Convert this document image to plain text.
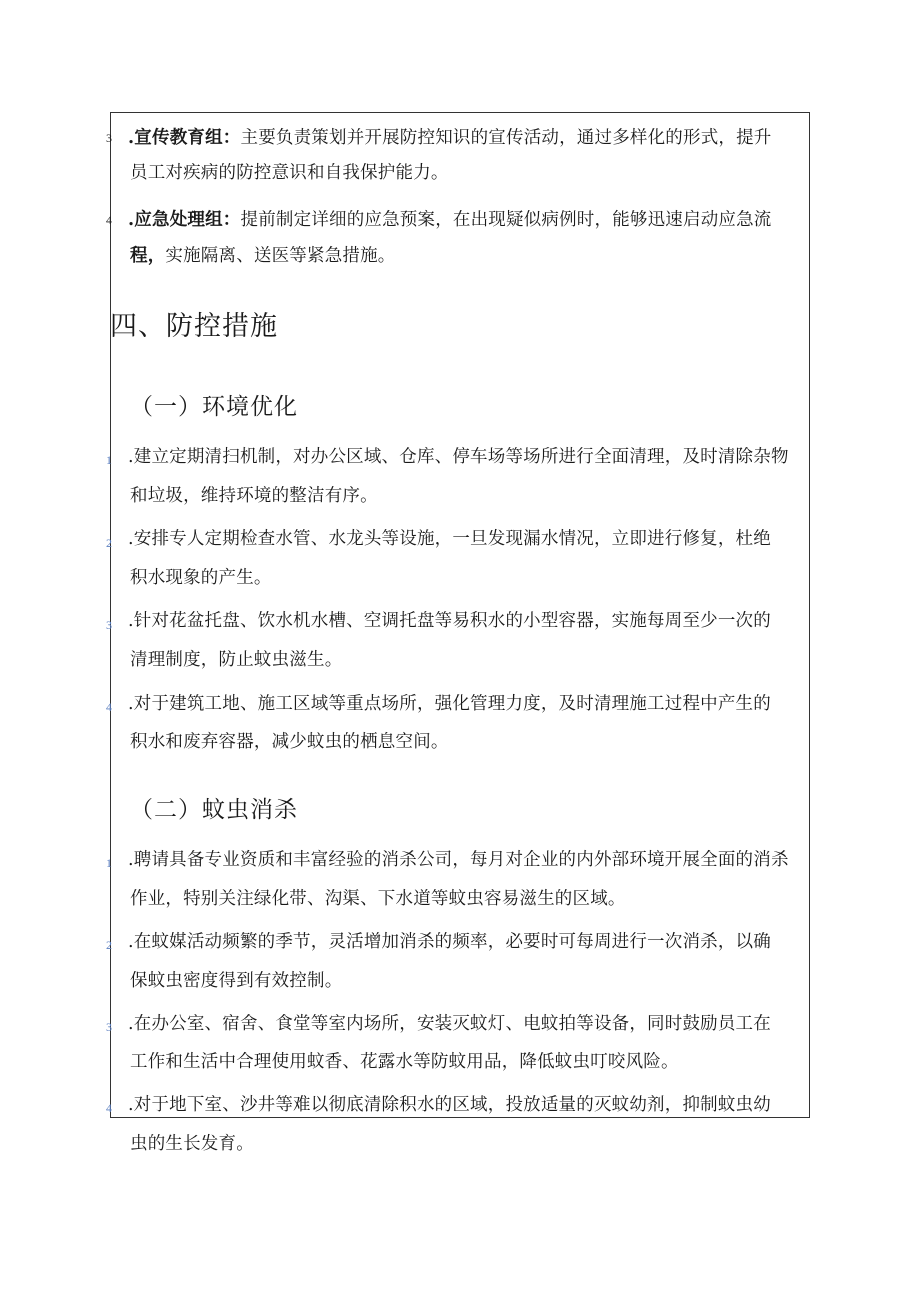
3 .宣传教育组：主要负责策划并开展防控知识的宣传活动，通过多样化的形式，提升
员工对疾病的防控意识和自我保护能力。
4 .应急处理组：提前制定详细的应急预案，在出现疑似病例时，能够迅速启动应急流
程，实施隔离、送医等紧急措施。
四、防控措施
（一）环境优化
1 .建立定期清扫机制，对办公区域、仓库、停车场等场所进行全面清理，及时清除杂物
和垃圾，维持环境的整洁有序。
2 .安排专人定期检查水管、水龙头等设施，一旦发现漏水情况，立即进行修复，杜绝
积水现象的产生。
3 .针对花盆托盘、饮水机水槽、空调托盘等易积水的小型容器，实施每周至少一次的
清理制度，防止蚊虫滋生。
4 .对于建筑工地、施工区域等重点场所，强化管理力度，及时清理施工过程中产生的
积水和废弃容器，减少蚊虫的栖息空间。
（二）蚊虫消杀
1 .聘请具备专业资质和丰富经验的消杀公司，每月对企业的内外部环境开展全面的消杀
作业，特别关注绿化带、沟渠、下水道等蚊虫容易滋生的区域。
2 .在蚊媒活动频繁的季节，灵活增加消杀的频率，必要时可每周进行一次消杀，以确
保蚊虫密度得到有效控制。
3 .在办公室、宿舍、食堂等室内场所，安装灭蚊灯、电蚊拍等设备，同时鼓励员工在
工作和生活中合理使用蚊香、花露水等防蚊用品，降低蚊虫叮咬风险。
4 .对于地下室、沙井等难以彻底清除积水的区域，投放适量的灭蚊幼剂，抑制蚊虫幼
虫的生长发育。
